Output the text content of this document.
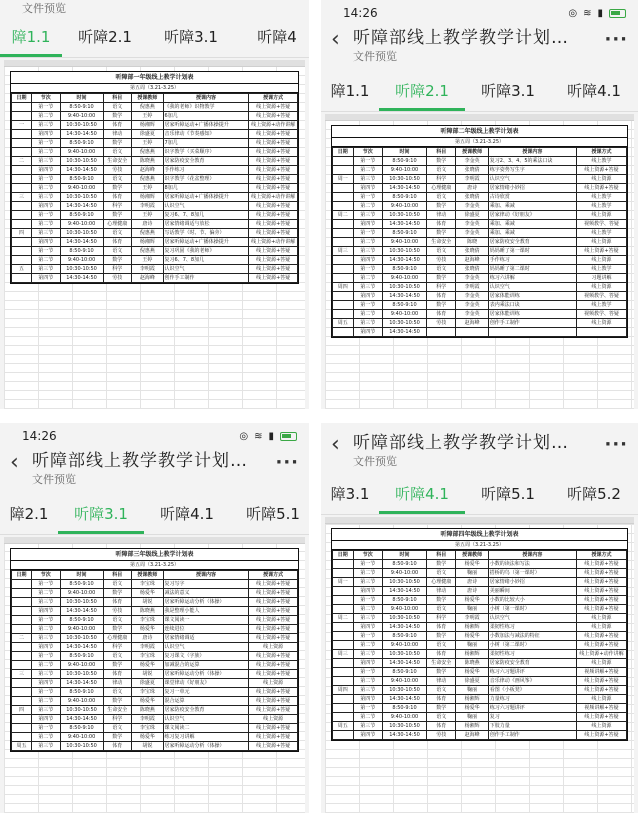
文件预览
障1.1	听障2.1	听障3.1	听障4
听障部一年级线上教学计划表
第五周（3.21-3.25）
日期	节次	时间	科目	授课教师	授课内容	授课方式
	第一节	8:50-9:10	语文	倪惠燕	《我的老师》识物教学	线上资源+答疑
	第二节	9:40-10:00	数学	王婷	6加几	线上资源+答疑
一	第三节	10:30-10:50	体育	杨湘辉	居家听障运动+广播体操提升	线上资源+动作讲解
	第四节	14:30-14:50	律动	徐盛夏	音乐律动《节奏感知》	线上资源+答疑
	第一节	8:50-9:10	数学	王婷	7加几	线上资源+答疑
	第二节	9:40-10:00	语文	倪惠燕	识字教学（买菜顺序）	线上资源+答疑
二	第三节	10:30-10:50	生命安全	陈晓燕	居家防疫安全教育	线上资源+答疑
	第四节	14:30-14:50	劳技	赵海峰	手作练习	线上资源+答疑
	第一节	8:50-9:10	语文	倪惠燕	识字教学（花盆整理）	线上资源+答疑
	第二节	9:40-10:00	数学	王婷	8加几	线上资源+答疑
三	第三节	10:30-10:50	体育	杨湘辉	居家听障运动+广播体操提升	线上资源+动作讲解
	第四节	14:30-14:50	科学	李明霞	认识空气	线上资源+答疑
	第一节	8:50-9:10	数学	王婷	复习6、7、8加几	线上资源+答疑
	第二节	9:40-10:00	心理健康	唐诗	居家情绪调适与放松	线上资源+答疑
四	第三节	10:30-10:50	语文	倪惠燕	写话教学（时、节、偏旁）	线上资源+答疑
	第四节	14:30-14:50	体育	杨湘辉	居家听障运动+广播体操提升	线上资源+动作讲解
	第一节	8:50-9:10	语文	倪惠燕	复习巩固《我的老师》	线上资源+答疑
	第二节	9:40-10:00	数学	王婷	复习6、7、8加几	线上资源+答疑
五	第三节	10:30-10:50	科学	李明霞	认识空气	线上资源+答疑
	第四节	14:30-14:50	劳技	赵海峰	创作手工制作	线上资源+答疑
14:26	◎ ≋ ▮
‹ 听障部线上教学教学计划…
文件预览
···
障1.1	听障2.1	听障3.1	听障4.1
听障部二年级线上教学计划表
第五周（3.21-3.25）
日期	节次	时间	科目	授课教师	授课内容	授课方式
	第一节	8:50-9:10	数学	李金英	复习2、3、4、5的乘法口诀	线上教学
	第二节	9:40-10:00	语文	张晓倩	练字姿势写生字	线上资源+答疑
周一	第三节	10:30-10:50	科学	李明霞	认识空气	线上资源
	第四节	14:30-14:50	心理健康	唐诗	居家情绪小妙招	线上资源+答疑
	第一节	8:50-9:10	语文	张晓倩	古诗欣赏	线上教学
	第二节	9:40-10:00	数学	李金英	乘加、乘减	线上教学
周二	第三节	10:30-10:50	律动	徐盛夏	居家律动《好朋友》	线上资源
	第四节	14:30-14:50	体育	李金英	乘加、乘减	视频教学、答疑
	第一节	8:50-9:10	数学	李金英	乘加、乘减	线上教学
	第二节	9:40-10:00	生命安全	陈晓	居家防疫安全教育	线上资源
周三	第三节	10:30-10:50	语文	张晓倩	妈妈睡了第一课时	线上资源+答疑
	第四节	14:30-14:50	劳技	赵海峰	手作练习	线上资源
	第一节	8:50-9:10	语文	张晓倩	妈妈睡了第二课时	线上教学
	第二节	9:40-10:00	数学	李金英	练习六讲解	习题讲解
周四	第三节	10:30-10:50	科学	李明霞	认识空气	线上资源
	第四节	14:30-14:50	体育	李金英	居家体能训练	视频教学、答疑
	第一节	8:50-9:10	数学	李金英	表内乘法口诀	线上教学
	第二节	9:40-10:00	体育	李金英	居家体能训练	视频教学、答疑
周五	第三节	10:30-10:50	劳技	赵海峰	创作手工制作	线上资源
	第四节	14:30-14:50				
14:26	◎ ≋ ▮
‹ 听障部线上教学教学计划…
文件预览
···
障2.1	听障3.1	听障4.1	听障5.1
听障部三年级线上教学计划表
第五周（3.21-3.25）
日期	节次	时间	科目	授课教师	授课内容	授课方式
	第一节	8:50-9:10	语文	李宝珠	复习写字	线上资源+答疑
	第二节	9:40-10:00	数学	杨爱华	减法的意义	线上资源+答疑
	第三节	10:30-10:50	体育	胡锐	居家听障运动分析（体操）	线上资源+答疑
	第四节	14:30-14:50	劳技	陈晓燕	我是整理小能人	线上资源+答疑
	第一节	8:50-9:10	语文	李宝珠	课文阅读一	线上资源+答疑
	第二节	9:40-10:00	数学	杨爱华	连续进位	线上资源+答疑
二	第三节	10:30-10:50	心理健康	唐诗	居家情绪调适	线上资源+答疑
	第四节	14:30-14:50	科学	李明霞	认识空气	线上资源
	第一节	8:50-9:10	语文	李宝珠	复习课文（字族）	线上资源+答疑
	第二节	9:40-10:00	数学	杨爱华	加减混合的运算	线上资源+答疑
三	第三节	10:30-10:50	体育	胡锐	居家听障运动分析（体操）	线上资源+答疑
	第四节	14:30-14:50	律动	徐盛夏	课堂律动《好朋友》	线上资源
	第一节	8:50-9:10	语文	李宝珠	复习一单元	线上资源+答疑
	第二节	9:40-10:00	数学	杨爱华	混合运算	线上资源+答疑
四	第三节	10:30-10:50	生命安全	陈晓燕	居家防疫安全教育	线上资源+答疑
	第四节	14:30-14:50	科学	李明霞	认识空气	线上资源
	第一节	8:50-9:10	语文	李宝珠	课文阅读二	线上资源+答疑
	第二节	9:40-10:00	数学	杨爱华	练习复习讲解	线上资源+答疑
周五	第三节	10:30-10:50	体育	胡锐	居家听障运动分析（体操）	线上资源+答疑
‹ 听障部线上教学教学计划…
文件预览
···
障3.1	听障4.1	听障5.1	听障5.2
听障部四年级线上教学计划表
第五周（3.21-3.25）
日期	节次	时间	科目	授课教师	授课内容	授课方式
	第一节	8:50-9:10	数学	杨爱华	小数的读法和写法	线上资源+答疑
	第二节	9:40-10:00	语文	鞠丽	搭桥的鸟（第一课时）	线上资源+答疑
周一	第三节	10:30-10:50	心理健康	唐诗	居家情绪小妙招	线上资源+答疑
	第四节	14:30-14:50	律动	唐诗	美丽瞬间	线上资源+答疑
	第一节	8:50-9:10	数学	杨爱华	小数的比较大小	线上资源+答疑
	第二节	9:40-10:00	语文	鞠丽	小树（第一课时）	线上资源+答疑
周二	第三节	10:30-10:50	科学	李明霞	认识空气	线上资源
	第四节	14:30-14:50	体育	杨湘辉	柔韧性练习	线上资源
	第一节	8:50-9:10	数学	杨爱华	小数加法与减法的特征	线上资源+答疑
	第二节	9:40-10:00	语文	鞠丽	小树（第二课时）	线上资源+答疑
周三	第三节	10:30-10:50	体育	杨湘辉	柔韧性练习	线上资源+动作讲解
	第四节	14:30-14:50	生命安全	陈晓燕	居家防疫安全教育	线上资源
	第一节	8:50-9:10	数学	杨爱华	练习六习题讲评	视频讲解+答疑
	第二节	9:40-10:00	律动	徐盛夏	音乐律动《画风筝》	线上资源+答疑
周四	第三节	10:30-10:50	语文	鞠丽	看图《小板凳》	线上资源+答疑
	第四节	14:30-14:50	体育	杨湘辉	力量练习	线上资源
	第一节	8:50-9:10	数学	杨爱华	练习六习题讲评	视频讲解+答疑
	第二节	9:40-10:00	语文	鞠丽	复习	线上资源+答疑
周五	第三节	10:30-10:50	体育	杨湘辉	下肢力量	线上资源
	第四节	14:30-14:50	劳技	赵海峰	创作手工制作	线上资源+答疑
